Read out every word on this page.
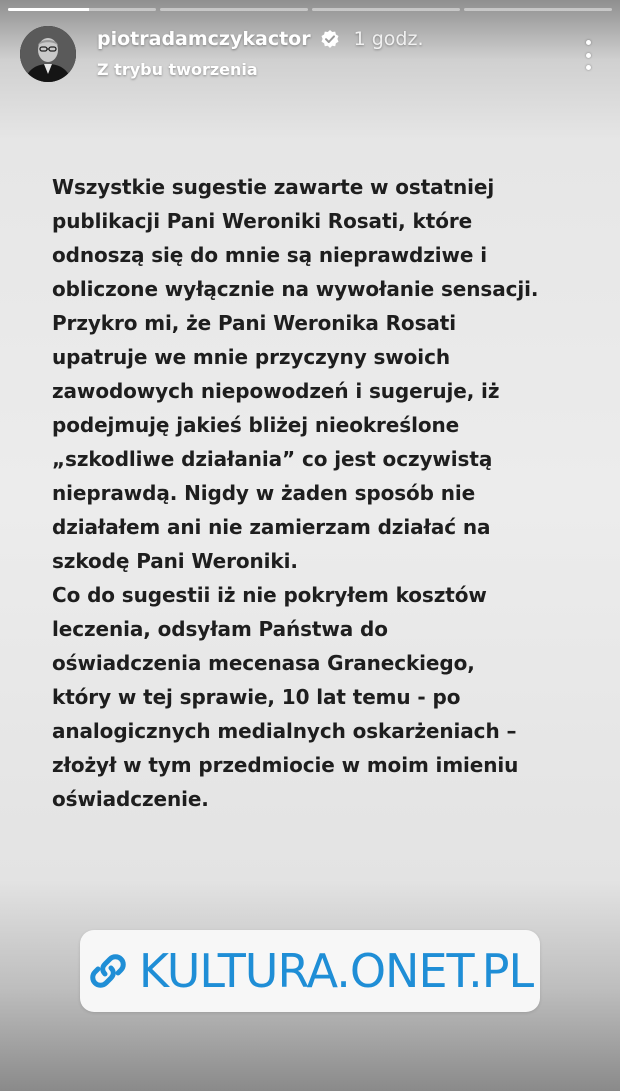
piotradamczykactor 1 godz.
Z trybu tworzenia

Wszystkie sugestie zawarte w ostatniej
publikacji Pani Weroniki Rosati, które
odnoszą się do mnie są nieprawdziwe i
obliczone wyłącznie na wywołanie sensacji.
Przykro mi, że Pani Weronika Rosati
upatruje we mnie przyczyny swoich
zawodowych niepowodzeń i sugeruje, iż
podejmuję jakieś bliżej nieokreślone
„szkodliwe działania” co jest oczywistą
nieprawdą. Nigdy w żaden sposób nie
działałem ani nie zamierzam działać na
szkodę Pani Weroniki.
Co do sugestii iż nie pokryłem kosztów
leczenia, odsyłam Państwa do
oświadczenia mecenasa Graneckiego,
który w tej sprawie, 10 lat temu - po
analogicznych medialnych oskarżeniach –
złożył w tym przedmiocie w moim imieniu
oświadczenie.

KULTURA.ONET.PL
